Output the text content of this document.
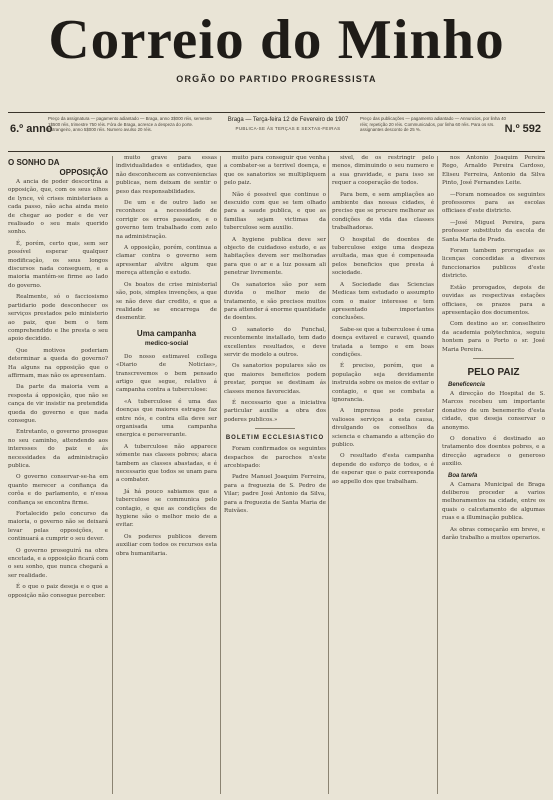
Correio do Minho
ORGÃO DO PARTIDO PROGRESSISTA
6.º anno
Preço da assignatura — pagamento adiantado — Braga, anno 3$000 réis, semestre 1$500 réis, trimestre 750 réis. Fóra de Braga, acresce a despeza do porte. Estrangeiro, anno 5$000 réis. Numero avulso 20 réis.
Braga — Terça-feira 12 de Fevereiro de 1907
PUBLICA-SE ÁS TERÇAS E SEXTAS-FEIRAS
Preço das publicações — pagamento adiantado — Annuncios, por linha 40 réis; repetição 20 réis. Communicados, por linha 60 réis. Para os srs. assignantes desconto de 25 %.	N.º 592
O SONHO DA
OPPOSIÇÃO

A ancia de poder descortina a opposição, que, com os seus olhos de lynce, vê crises ministeriaes a cada passo, não acha ainda meio de chegar ao poder e de ver realisado o seu mais querido sonho.

É, porém, certo que, sem ser possível esperar qualquer modificação, os seus longos discursos nada conseguem, e a maioria mantém-se firme ao lado do governo.

Realmente, só o facciosismo partidario pode desconhecer os serviços prestados pelo ministerio ao paiz, que bem o tem comprehendido e lhe presta o seu apoio decidido.

Que motivos poderiam determinar a queda do governo? Ha alguns na opposição que o affirmam, mas não os apresentam.

Da parte da maioria vem a resposta á opposição, que não se cança de vir insistir na pretendida queda do governo e que nada consegue.

Entretanto, o governo prosegue no seu caminho, attendendo aos interesses do paiz e ás necessidades da administração publica.

O governo conservar-se-ha em quanto merecer a confiança da corôa e do parlamento, e n'essa confiança se encontra firme.

Fortalecido pelo concurso da maioria, o governo não se deixará levar pelas opposições, e continuará a cumprir o seu dever.

O governo proseguirá na obra encetada, e a opposição ficará com o seu sonho, que nunca chegará a ser realidade.

É o que o paiz deseja e o que a opposição não consegue perceber.

muito grave para essas individualidades e entidades, que não desconhecem as conveniencias publicas, nem deixam de sentir o peso das responsabilidades.

De um e de outro lado se reconhece a necessidade de corrigir os erros passados, e o governo tem trabalhado com zelo na administração.

A opposição, porém, continua a clamar contra o governo sem apresentar alvitre algum que mereça attenção e estudo.

Os boatos de crise ministerial são, pois, simples invenções, a que se não deve dar credito, e que a realidade se encarrega de desmentir.

Uma campanha
medico-social

Do nosso estimavel collega «Diario de Noticias», transcrevemos o bem pensado artigo que segue, relativo á campanha contra a tuberculose:

«A tuberculose é uma das doenças que maiores estragos faz entre nós, e contra ella deve ser organisada uma campanha energica e perseverante.

A tuberculose não apparece sómente nas classes pobres; ataca tambem as classes abastadas, e é necessario que todos se unam para a combater.

Já há pouco sabiamos que a tuberculose se communica pelo contagio, e que as condições de hygiene são o melhor meio de a evitar.

Os poderes publicos devem auxiliar com todos os recursos esta obra humanitaria.

muito para conseguir que venha a combater-se a terrivel doença, e que os sanatorios se multipliquem pelo paiz.

Não é possivel que continue o descuido com que se tem olhado para a saude publica, e que as familias sejam victimas da tuberculose sem auxilio.

A hygiene publica deve ser objecto de cuidadoso estudo, e as habitações devem ser melhoradas para que o ar e a luz possam ali penetrar livremente.

Os sanatorios são por sem duvida o melhor meio de tratamento, e são precisos muitos para attender á enorme quantidade de doentes.

O sanatorio do Funchal, recentemente installado, tem dado excellentes resultados, e deve servir de modelo a outros.

Os sanatorios populares são os que maiores beneficios podem prestar, porque se destinam ás classes menos favorecidas.

É necessario que a iniciativa particular auxilie a obra dos poderes publicos.»

BOLETIM ECCLESIASTICO

Foram confirmados os seguintes despachos de parochos n'este arcebispado:

Padre Manuel Joaquim Ferreira, para a freguezia de S. Pedro de Vilar; padre José Antonio da Silva, para a freguezia de Santa Maria de Ruivães.

sivel, de os restringir pelo menos, diminuindo o seu numero e a sua gravidade, e para isso se requer a cooperação de todos.

Para bem, e sem ampliações ao ambiente das nossas cidades, é preciso que se procure melhorar as condições de vida das classes trabalhadoras.

O hospital de doentes de tuberculose exige uma despeza avultada, mas que é compensada pelos beneficios que presta á sociedade.

A Sociedade das Sciencias Medicas tem estudado o assumpto com o maior interesse e tem apresentado importantes conclusões.

Sabe-se que a tuberculose é uma doença evitavel e curavel, quando tratada a tempo e em boas condições.

É preciso, porém, que a população seja devidamente instruida sobre os meios de evitar o contagio, e que se combata a ignorancia.

A imprensa pode prestar valiosos serviços a esta causa, divulgando os conselhos da sciencia e chamando a attenção do publico.

O resultado d'esta campanha depende do esforço de todos, e é de esperar que o paiz corresponda ao appello dos que trabalham.

nos Antonio Joaquim Pereira Rego, Arnaldo Pereira Cardoso, Eliseu Ferreira, Antonio da Silva Pinto, José Fernandes Leite.

—Foram nomeados os seguintes professores para as escolas officiaes d'este districto.

—José Miguel Pereira, para professor substituto da escola de Santa Maria de Prado.

Foram tambem prorogadas as licenças concedidas a diversos funccionarios publicos d'este districto.

Estão prorogados, depois de ouvidas as respectivas estações officiaes, os prazos para a apresentação dos documentos.

Com destino ao sr. conselheiro da academia polytechnica, seguiu hontem para o Porto o sr. José Maria Pereira.

PELO PAIZ
Beneficencia

A direcção do Hospital de S. Marcos recebeu um importante donativo de um benemerito d'esta cidade, que deseja conservar o anonymo.

O donativo é destinado ao tratamento dos doentes pobres, e a direcção agradece o generoso auxilio.

Boa tarefa

A Camara Municipal de Braga deliberou proceder a varios melhoramentos na cidade, entre os quais o calcetamento de algumas ruas e a illuminação publica.

As obras começarão em breve, e darão trabalho a muitos operarios.
